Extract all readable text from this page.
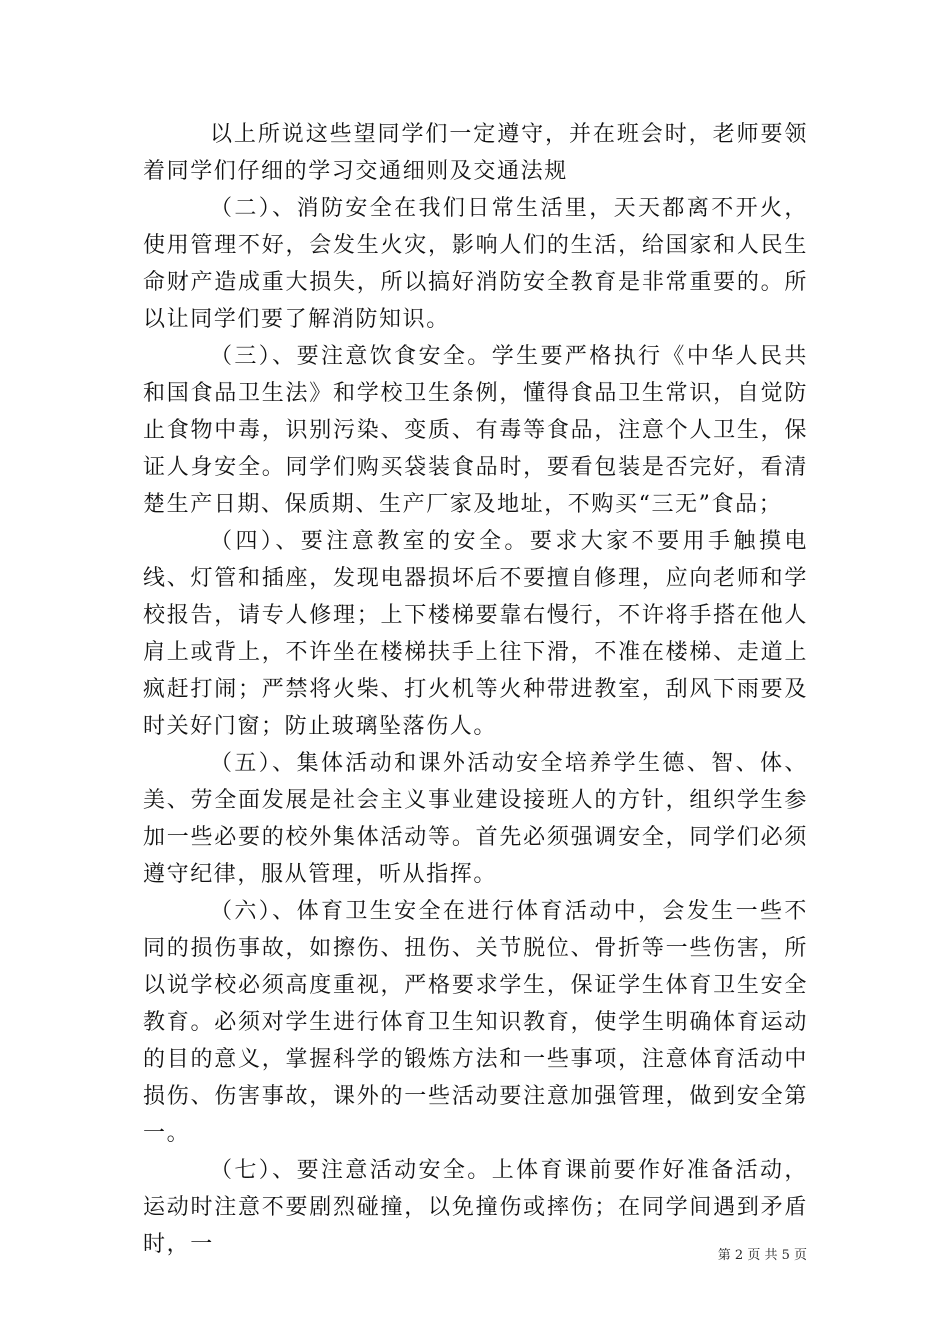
以上所说这些望同学们一定遵守，并在班会时，老师要领着同学们仔细的学习交通细则及交通法规

（二）、消防安全在我们日常生活里，天天都离不开火，使用管理不好，会发生火灾，影响人们的生活，给国家和人民生命财产造成重大损失，所以搞好消防安全教育是非常重要的。所以让同学们要了解消防知识。

（三）、要注意饮食安全。学生要严格执行《中华人民共和国食品卫生法》和学校卫生条例，懂得食品卫生常识，自觉防止食物中毒，识别污染、变质、有毒等食品，注意个人卫生，保证人身安全。同学们购买袋装食品时，要看包装是否完好，看清楚生产日期、保质期、生产厂家及地址，不购买“三无”食品；

（四）、要注意教室的安全。要求大家不要用手触摸电线、灯管和插座，发现电器损坏后不要擅自修理，应向老师和学校报告，请专人修理；上下楼梯要靠右慢行，不许将手搭在他人肩上或背上，不许坐在楼梯扶手上往下滑，不准在楼梯、走道上疯赶打闹；严禁将火柴、打火机等火种带进教室，刮风下雨要及时关好门窗；防止玻璃坠落伤人。

（五）、集体活动和课外活动安全培养学生德、智、体、美、劳全面发展是社会主义事业建设接班人的方针，组织学生参加一些必要的校外集体活动等。首先必须强调安全，同学们必须遵守纪律，服从管理，听从指挥。

（六）、体育卫生安全在进行体育活动中，会发生一些不同的损伤事故，如擦伤、扭伤、关节脱位、骨折等一些伤害，所以说学校必须高度重视，严格要求学生，保证学生体育卫生安全教育。必须对学生进行体育卫生知识教育，使学生明确体育运动的目的意义，掌握科学的锻炼方法和一些事项，注意体育活动中损伤、伤害事故，课外的一些活动要注意加强管理，做到安全第一。

（七）、要注意活动安全。上体育课前要作好准备活动，运动时注意不要剧烈碰撞，以免撞伤或摔伤；在同学间遇到矛盾时，一	第 2 页 共 5 页
